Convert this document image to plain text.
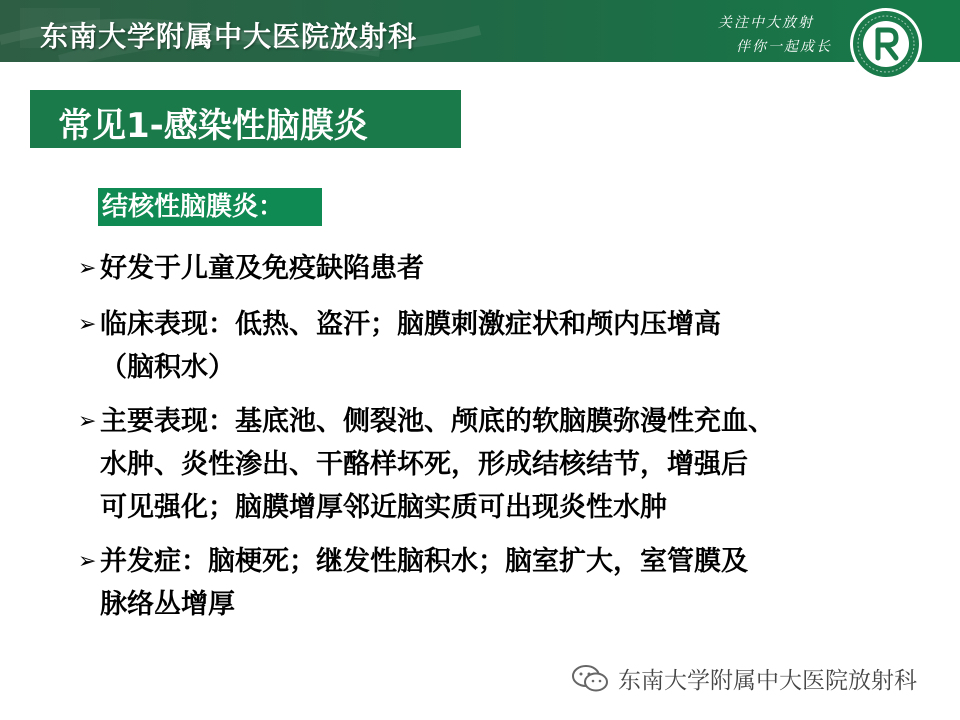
东南大学附属中大医院放射科	关注中大放射
伴你一起成长
常见1-感染性脑膜炎
结核性脑膜炎：
➢ 好发于儿童及免疫缺陷患者
➢ 临床表现：低热、盗汗；脑膜刺激症状和颅内压增高
（脑积水）
➢ 主要表现：基底池、侧裂池、颅底的软脑膜弥漫性充血、
水肿、炎性渗出、干酪样坏死，形成结核结节，增强后
可见强化；脑膜增厚邻近脑实质可出现炎性水肿
➢ 并发症：脑梗死；继发性脑积水；脑室扩大，室管膜及
脉络丛增厚
东南大学附属中大医院放射科
